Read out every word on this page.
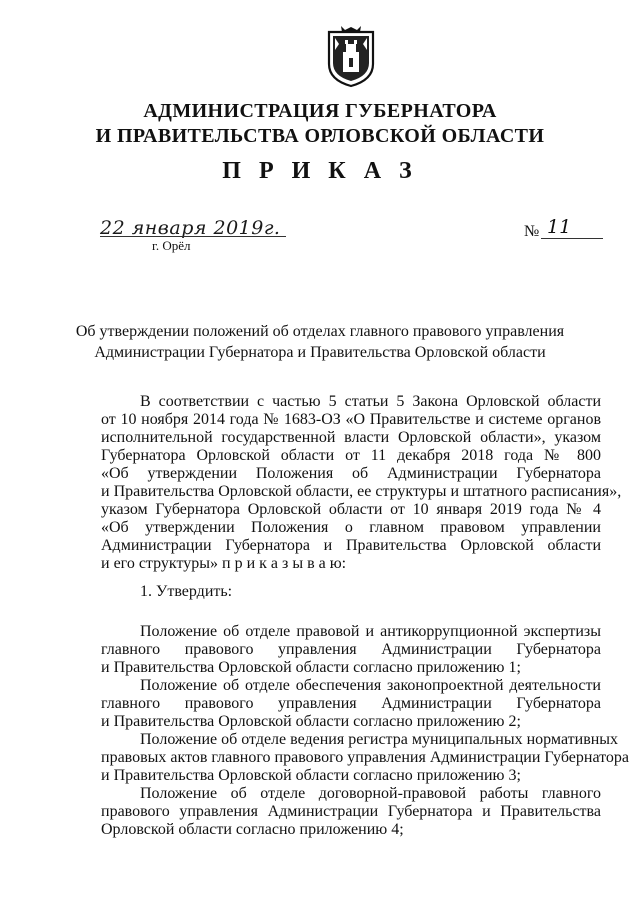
АДМИНИСТРАЦИЯ ГУБЕРНАТОРА
И ПРАВИТЕЛЬСТВА ОРЛОВСКОЙ ОБЛАСТИ
П Р И К А З
22 января 2019г.
г. Орёл
№ 11
Об утверждении положений об отделах главного правового управления
Администрации Губернатора и Правительства Орловской области
В соответствии с частью 5 статьи 5 Закона Орловской области
от 10 ноября 2014 года № 1683-ОЗ «О Правительстве и системе органов
исполнительной государственной власти Орловской области», указом
Губернатора Орловской области от 11 декабря 2018 года № 800
«Об утверждении Положения об Администрации Губернатора
и Правительства Орловской области, ее структуры и штатного расписания»,
указом Губернатора Орловской области от 10 января 2019 года № 4
«Об утверждении Положения о главном правовом управлении
Администрации Губернатора и Правительства Орловской области
и его структуры» п р и к а з ы в а ю:
1. Утвердить:
Положение об отделе правовой и антикоррупционной экспертизы
главного правового управления Администрации Губернатора
и Правительства Орловской области согласно приложению 1;
Положение об отделе обеспечения законопроектной деятельности
главного правового управления Администрации Губернатора
и Правительства Орловской области согласно приложению 2;
Положение об отделе ведения регистра муниципальных нормативных
правовых актов главного правового управления Администрации Губернатора
и Правительства Орловской области согласно приложению 3;
Положение об отделе договорной-правовой работы главного
правового управления Администрации Губернатора и Правительства
Орловской области согласно приложению 4;
